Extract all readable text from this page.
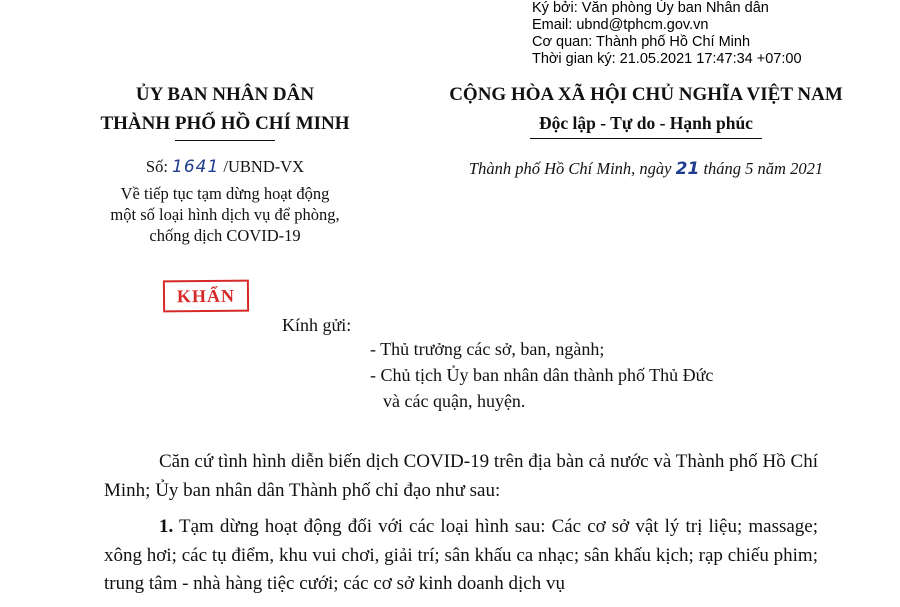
Ký bởi: Văn phòng Ủy ban Nhân dân
Email: ubnd@tphcm.gov.vn
Cơ quan: Thành phố Hồ Chí Minh
Thời gian ký: 21.05.2021 17:47:34 +07:00
ỦY BAN NHÂN DÂN
THÀNH PHỐ HỒ CHÍ MINH
CỘNG HÒA XÃ HỘI CHỦ NGHĨA VIỆT NAM
Độc lập - Tự do - Hạnh phúc
Số: 1641 /UBND-VX
Về tiếp tục tạm dừng hoạt động
một số loại hình dịch vụ để phòng,
chống dịch COVID-19
Thành phố Hồ Chí Minh, ngày 21 tháng 5 năm 2021
KHẨN
Kính gửi:
- Thủ trưởng các sở, ban, ngành;
- Chủ tịch Ủy ban nhân dân thành phố Thủ Đức
và các quận, huyện.

Căn cứ tình hình diễn biến dịch COVID-19 trên địa bàn cả nước và Thành phố Hồ Chí Minh; Ủy ban nhân dân Thành phố chỉ đạo như sau:

1. Tạm dừng hoạt động đối với các loại hình sau: Các cơ sở vật lý trị liệu; massage; xông hơi; các tụ điểm, khu vui chơi, giải trí; sân khấu ca nhạc; sân khấu kịch; rạp chiếu phim; trung tâm - nhà hàng tiệc cưới; các cơ sở kinh doanh dịch vụ
